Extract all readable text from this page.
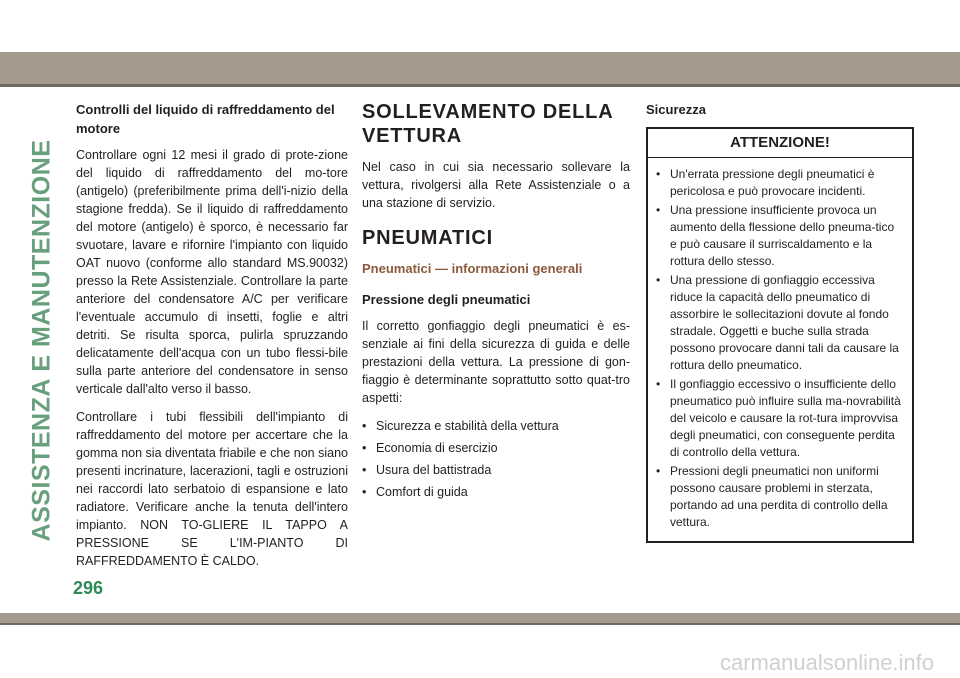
ASSISTENZA E MANUTENZIONE
Controlli del liquido di raffreddamento del motore

Controllare ogni 12 mesi il grado di prote-zione del liquido di raffreddamento del mo-tore (antigelo) (preferibilmente prima dell'i-nizio della stagione fredda). Se il liquido di raffreddamento del motore (antigelo) è sporco, è necessario far svuotare, lavare e rifornire l'impianto con liquido OAT nuovo (conforme allo standard MS.90032) presso la Rete Assistenziale. Controllare la parte anteriore del condensatore A/C per verificare l'eventuale accumulo di insetti, foglie e altri detriti. Se risulta sporca, pulirla spruzzando delicatamente dell'acqua con un tubo flessi-bile sulla parte anteriore del condensatore in senso verticale dall'alto verso il basso.

Controllare i tubi flessibili dell'impianto di raffreddamento del motore per accertare che la gomma non sia diventata friabile e che non siano presenti incrinature, lacerazioni, tagli e ostruzioni nei raccordi lato serbatoio di espansione e lato radiatore. Verificare anche la tenuta dell'intero impianto. NON TO-GLIERE IL TAPPO A PRESSIONE SE L'IM-PIANTO DI RAFFREDDAMENTO È CALDO.

SOLLEVAMENTO DELLA VETTURA

Nel caso in cui sia necessario sollevare la vettura, rivolgersi alla Rete Assistenziale o a una stazione di servizio.

PNEUMATICI
Pneumatici — informazioni generali
Pressione degli pneumatici

Il corretto gonfiaggio degli pneumatici è es-senziale ai fini della sicurezza di guida e delle prestazioni della vettura. La pressione di gon-fiaggio è determinante soprattutto sotto quat-tro aspetti:

• Sicurezza e stabilità della vettura
• Economia di esercizio
• Usura del battistrada
• Comfort di guida
Sicurezza
ATTENZIONE!
• Un'errata pressione degli pneumatici è pericolosa e può provocare incidenti.
• Una pressione insufficiente provoca un aumento della flessione dello pneuma-tico e può causare il surriscaldamento e la rottura dello stesso.
• Una pressione di gonfiaggio eccessiva riduce la capacità dello pneumatico di assorbire le sollecitazioni dovute al fondo stradale. Oggetti e buche sulla strada possono provocare danni tali da causare la rottura dello pneumatico.
• Il gonfiaggio eccessivo o insufficiente dello pneumatico può influire sulla ma-novrabilità del veicolo e causare la rot-tura improvvisa degli pneumatici, con conseguente perdita di controllo della vettura.
• Pressioni degli pneumatici non uniformi possono causare problemi in sterzata, portando ad una perdita di controllo della vettura.
296
carmanualsonline.info
